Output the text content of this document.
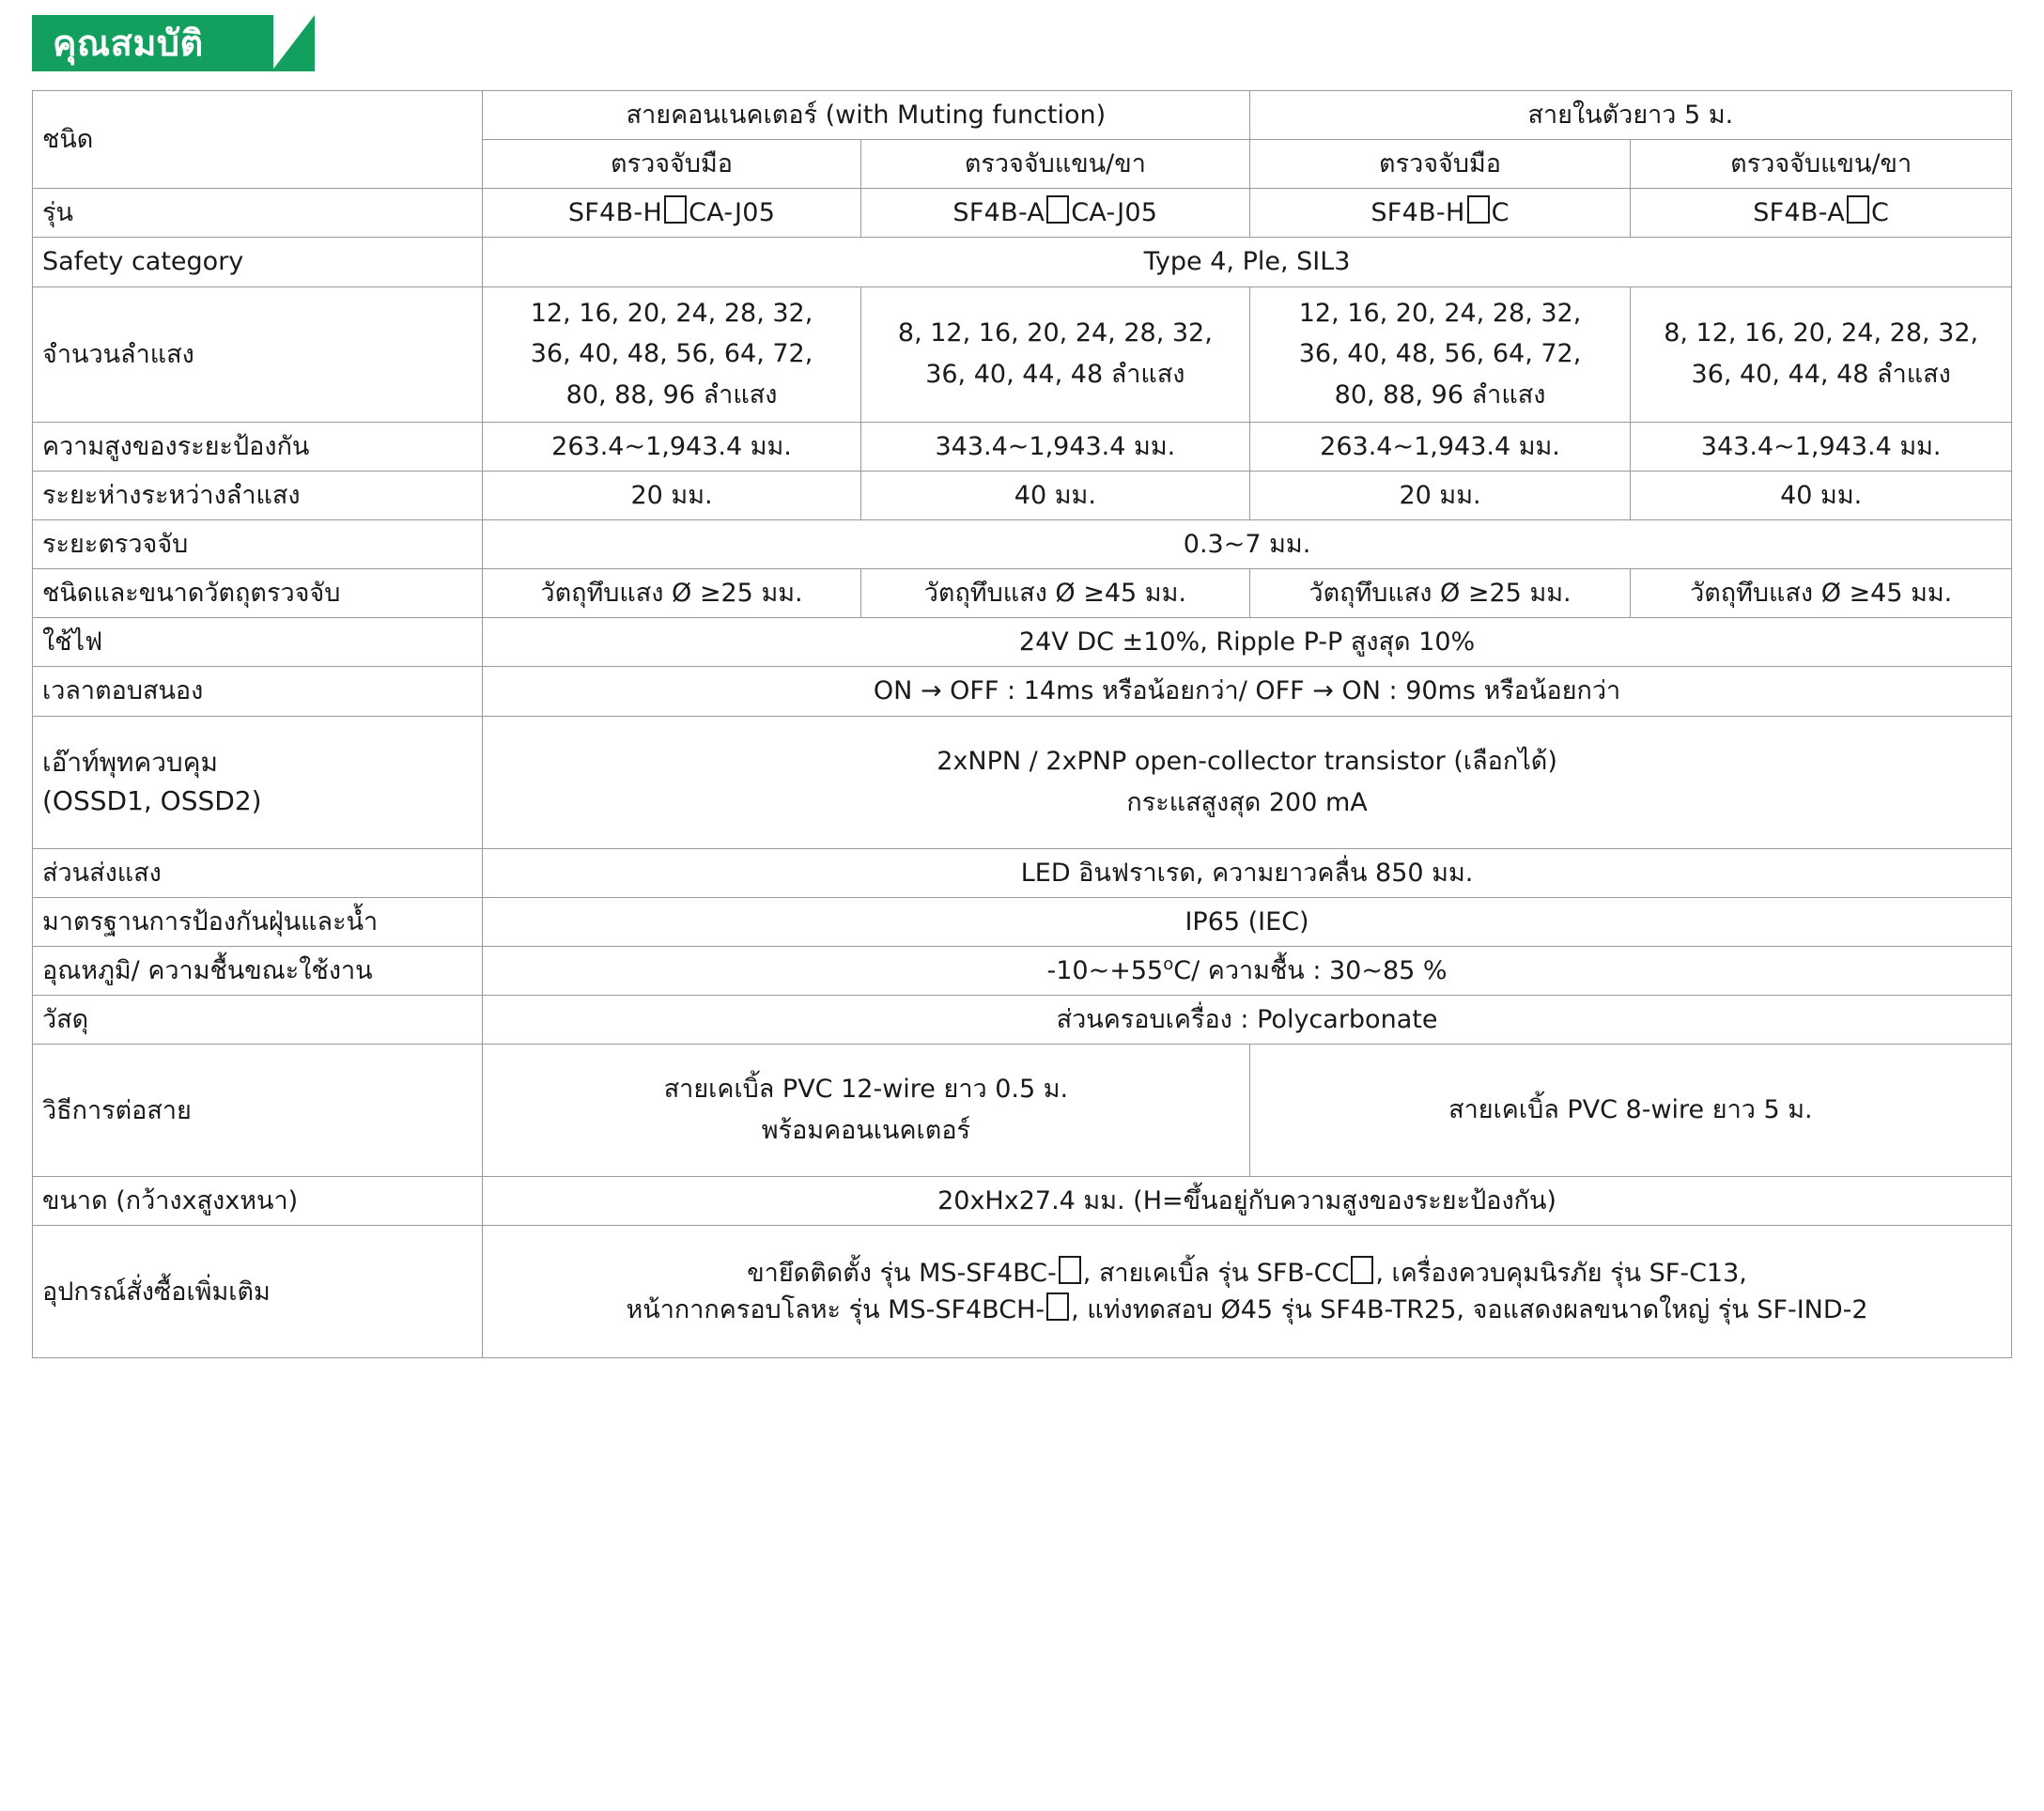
คุณสมบัติ
ชนิด	สายคอนเนคเตอร์ (with Muting function)		สายในตัวยาว 5 ม.	
	ตรวจจับมือ	ตรวจจับแขน/ขา	ตรวจจับมือ	ตรวจจับแขน/ขา
รุ่น	SF4B-H CA-J05	SF4B-A CA-J05	SF4B-H C	SF4B-A C
Safety category	Type 4, Ple, SIL3			
จำนวนลำแสง	12, 16, 20, 24, 28, 32,
36, 40, 48, 56, 64, 72,
80, 88, 96 ลำแสง	8, 12, 16, 20, 24, 28, 32,
36, 40, 44, 48 ลำแสง	12, 16, 20, 24, 28, 32,
36, 40, 48, 56, 64, 72,
80, 88, 96 ลำแสง	8, 12, 16, 20, 24, 28, 32,
36, 40, 44, 48 ลำแสง

ความสูงของระยะป้องกัน	263.4~1,943.4 มม.	343.4~1,943.4 มม.	263.4~1,943.4 มม.	343.4~1,943.4 มม.
ระยะห่างระหว่างลำแสง	20 มม.	40 มม.	20 มม.	40 มม.
ระยะตรวจจับ	0.3~7 มม.			
ชนิดและขนาดวัตถุตรวจจับ	วัตถุทึบแสง Ø ≥25 มม.	วัตถุทึบแสง Ø ≥45 มม.	วัตถุทึบแสง Ø ≥25 มม.	วัตถุทึบแสง Ø ≥45 มม.
ใช้ไฟ	24V DC ±10%, Ripple P-P สูงสุด 10%			
เวลาตอบสนอง	ON → OFF : 14ms หรือน้อยกว่า/ OFF → ON : 90ms หรือน้อยกว่า			

เอ๊าท์พุทควบคุม
(OSSD1, OSSD2)	2xNPN / 2xPNP open-collector transistor (เลือกได้)
กระแสสูงสุด 200 mA			

ส่วนส่งแสง	LED อินฟราเรด, ความยาวคลื่น 850 มม.			
มาตรฐานการป้องกันฝุ่นและน้ำ	IP65 (IEC)			
อุณหภูมิ/ ความชื้นขณะใช้งาน	$-10\sim+55^oC/$ ความชื้น : 30~85 %			
วัสดุ	ส่วนครอบเครื่อง : Polycarbonate			
วิธีการต่อสาย	สายเคเบิ้ล PVC 12-wire ยาว 0.5 ม.
พร้อมคอนเนคเตอร์		สายเคเบิ้ล PVC 8-wire ยาว 5 ม.	

ขนาด (กว้างxสูงxหนา)	20xHx27.4 มม. (H=ขึ้นอยู่กับความสูงของระยะป้องกัน)			
อุปกรณ์สั่งซื้อเพิ่มเติม	ขายึดติดตั้ง รุ่น MS-SF4BC- , สายเคเบิ้ล รุ่น SFB-CC , เครื่องควบคุมนิรภัย รุ่น SF-C13,
หน้ากากครอบโลหะ รุ่น MS-SF4BCH- , แท่งทดสอบ Ø45 รุ่น SF4B-TR25, จอแสดงผลขนาดใหญ่ รุ่น SF-IND-2			
